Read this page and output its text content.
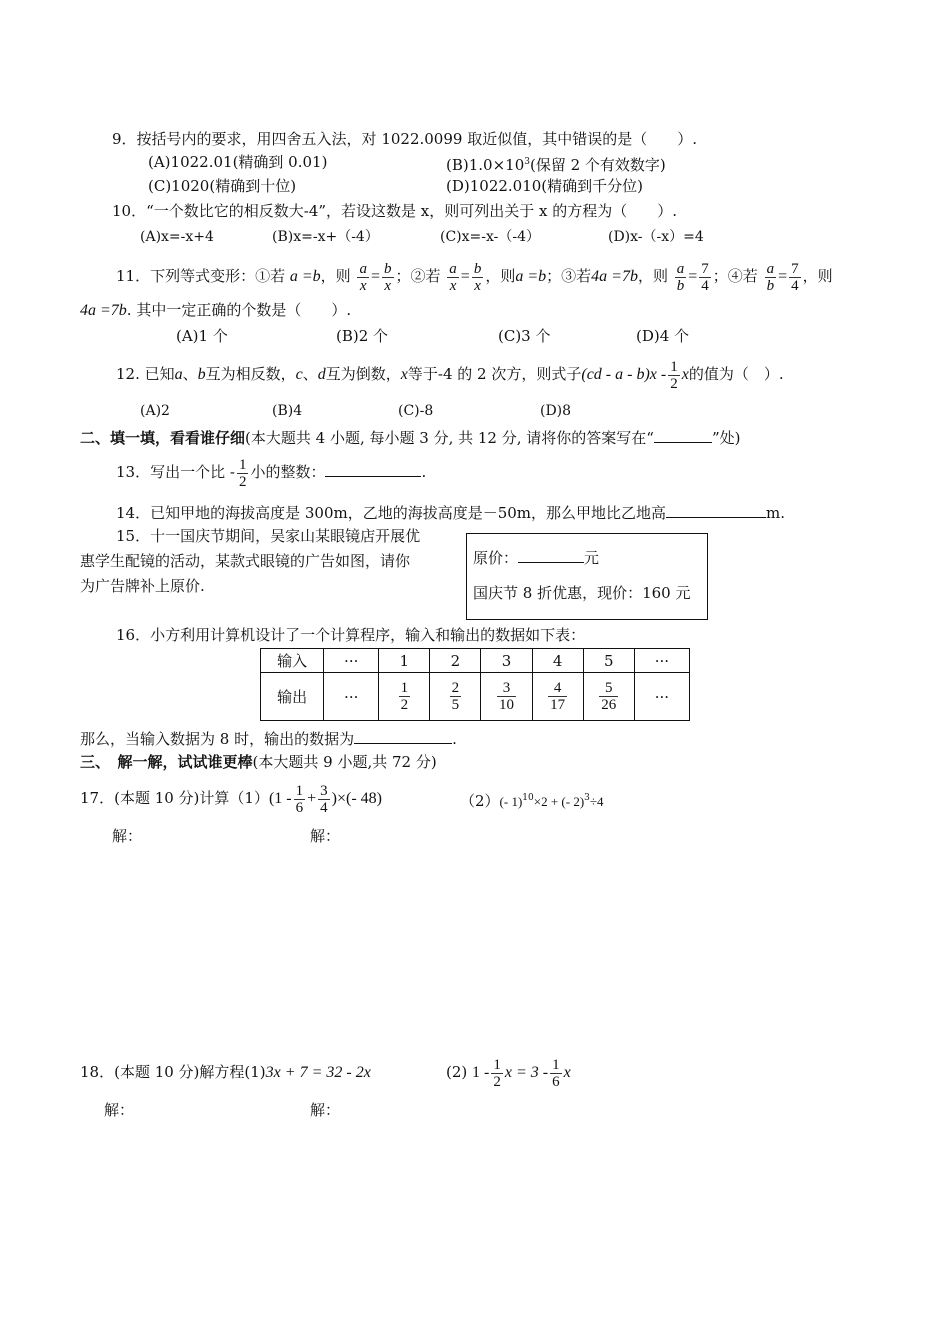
9．按括号内的要求，用四舍五入法，对 1022.0099 取近似值，其中错误的是（　　）.
(A)1022.01(精确到 0.01)	$(B)1.0\times 10^3$(保留 2 个有效数字)
(C)1020(精确到十位)	(D)1022.010(精确到千分位)
10．“一个数比它的相反数大-4”，若设这数是 x，则可列出关于 x 的方程为（　　）.
(A)x=-x+4	(B)x=-x+（-4）	(C)x=-x-（-4）	(D)x-（-x）=4
11．下列等式变形：①若 a =b，则 $\frac{a}{x} = \frac{b}{x}$ ；②若 $\frac{a}{x} = \frac{b}{x}$ ，则a =b；③若4a =7b，则 $\frac{a}{b} = \frac{7}{4}$ ；④若 $\frac{a}{b} = \frac{7}{4}$ ，则
4a =7b. 其中一定正确的个数是（　　）.
(A)1 个	(B)2 个	(C)3 个	(D)4 个
12. 已知a、b互为相反数，c、d互为倒数，x等于-4 的 2 次方，则式子(cd - a - $b)x - \frac{1}{2}$ x的值为（　）.
(A)2	(B)4	(C)-8	(D)8
二、填一填，看看谁仔细(本大题共 4 小题, 每小题 3 分, 共 12 分, 请将你的答案写在“	”处)
13．写出一个比 - $\frac{1}{2}$ 小的整数：	.
14．已知甲地的海拔高度是 300m，乙地的海拔高度是－50m，那么甲地比乙地高	m.
15．十一国庆节期间，吴家山某眼镜店开展优
惠学生配镜的活动，某款式眼镜的广告如图，请你
为广告牌补上原价.
原价：	元
国庆节 8 折优惠，现价：160 元
16．小方利用计算机设计了一个计算程序，输入和输出的数据如下表：
输入	···	1	2	3	4	5	···
输出	···	$\frac{1}{2}$	$\frac{2}{5}$	$\frac{3}{10}$	$\frac{4}{17}$	$\frac{5}{26}$	···
那么，当输入数据为 8 时，输出的数据为	.
三、　解一解，试试谁更棒(本大题共 9 小题,共 72 分)
17．(本题 10 分)计算$(1)(1 - \frac{1}{6} + \frac{3}{4}$ )×(- 48)	（2）(- 1)$^{10}$×2 + (- 2)$^3$÷4
解：	解：
18．(本题 10 分)解方程(1)3x + 7 = 32 - 2x	(2) $1 - \frac{1}{2}$ $x = 3 - \frac{1}{6}$ x
解：	解：
